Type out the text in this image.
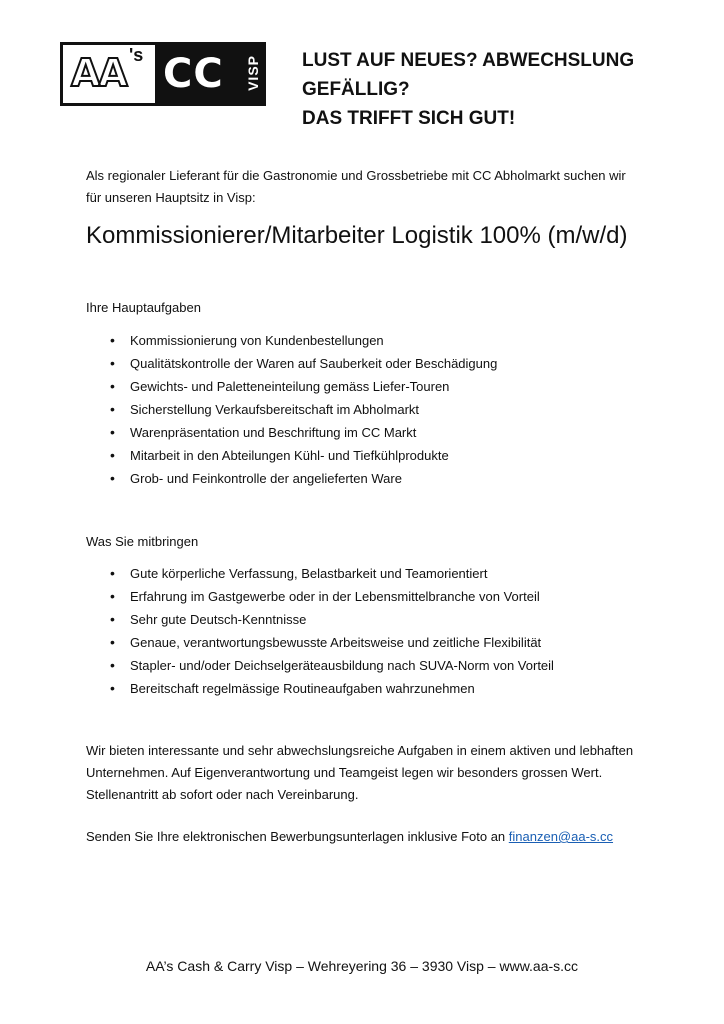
AA 's CC VISP LUST AUF NEUES? ABWECHSLUNG
GEFÄLLIG?
DAS TRIFFT SICH GUT!
Als regionaler Lieferant für die Gastronomie und Grossbetriebe mit CC Abholmarkt suchen wir für unseren Hauptsitz in Visp:
Kommissionierer/Mitarbeiter Logistik 100% (m/w/d)
Ihre Hauptaufgaben
• Kommissionierung von Kundenbestellungen
• Qualitätskontrolle der Waren auf Sauberkeit oder Beschädigung
• Gewichts- und Paletteneinteilung gemäss Liefer-Touren
• Sicherstellung Verkaufsbereitschaft im Abholmarkt
• Warenpräsentation und Beschriftung im CC Markt
• Mitarbeit in den Abteilungen Kühl- und Tiefkühlprodukte
• Grob- und Feinkontrolle der angelieferten Ware
Was Sie mitbringen
• Gute körperliche Verfassung, Belastbarkeit und Teamorientiert
• Erfahrung im Gastgewerbe oder in der Lebensmittelbranche von Vorteil
• Sehr gute Deutsch-Kenntnisse
• Genaue, verantwortungsbewusste Arbeitsweise und zeitliche Flexibilität
• Stapler- und/oder Deichselgeräteausbildung nach SUVA-Norm von Vorteil
• Bereitschaft regelmässige Routineaufgaben wahrzunehmen
Wir bieten interessante und sehr abwechslungsreiche Aufgaben in einem aktiven und lebhaften Unternehmen. Auf Eigenverantwortung und Teamgeist legen wir besonders grossen Wert. Stellenantritt ab sofort oder nach Vereinbarung.
Senden Sie Ihre elektronischen Bewerbungsunterlagen inklusive Foto an finanzen@aa-s.cc
AA’s Cash & Carry Visp – Wehreyering 36 – 3930 Visp – www.aa-s.cc
